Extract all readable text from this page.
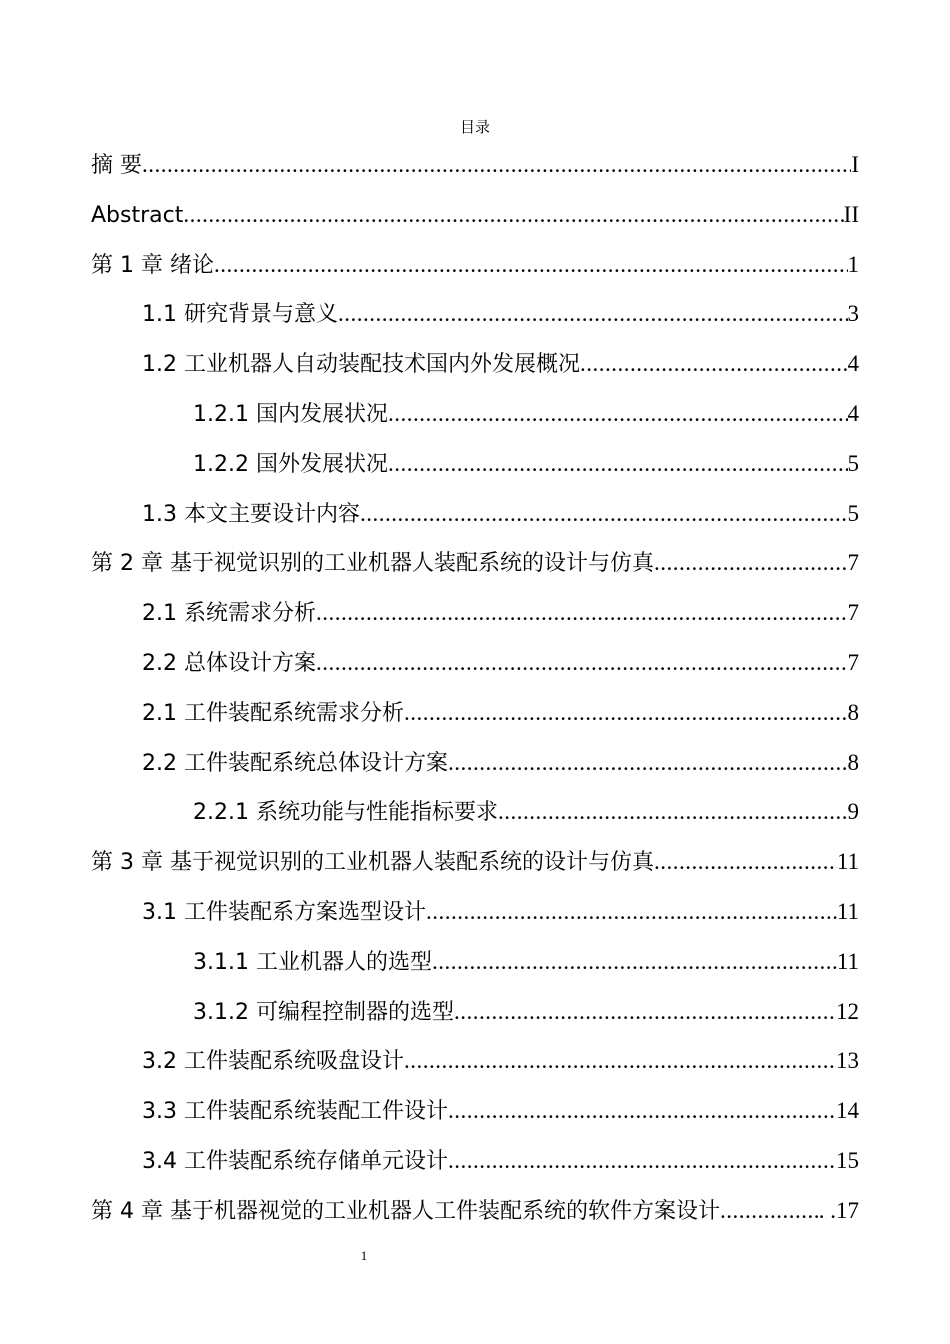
目录
摘 要 .....	I
Abstract .....	II
第 1 章 绪论 .....	1
1.1 研究背景与意义 .....	3
1.2 工业机器人自动装配技术国内外发展概况 .....	4
1.2.1 国内发展状况 .....	4
1.2.2 国外发展状况 .....	5
1.3 本文主要设计内容 .....	5
第 2 章 基于视觉识别的工业机器人装配系统的设计与仿真 .....	7
2.1 系统需求分析 .....	7
2.2 总体设计方案 .....	7
2.1 工件装配系统需求分析 .....	8
2.2 工件装配系统总体设计方案 .....	8
2.2.1 系统功能与性能指标要求 .....	9
第 3 章 基于视觉识别的工业机器人装配系统的设计与仿真 .....	11
3.1 工件装配系方案选型设计 .....	11
3.1.1 工业机器人的选型 .....	11
3.1.2 可编程控制器的选型 .....	12
3.2 工件装配系统吸盘设计 .....	13
3.3 工件装配系统装配工件设计 .....	14
3.4 工件装配系统存储单元设计 .....	15
第 4 章 基于机器视觉的工业机器人工件装配系统的软件方案设计 .....	. .17
1
